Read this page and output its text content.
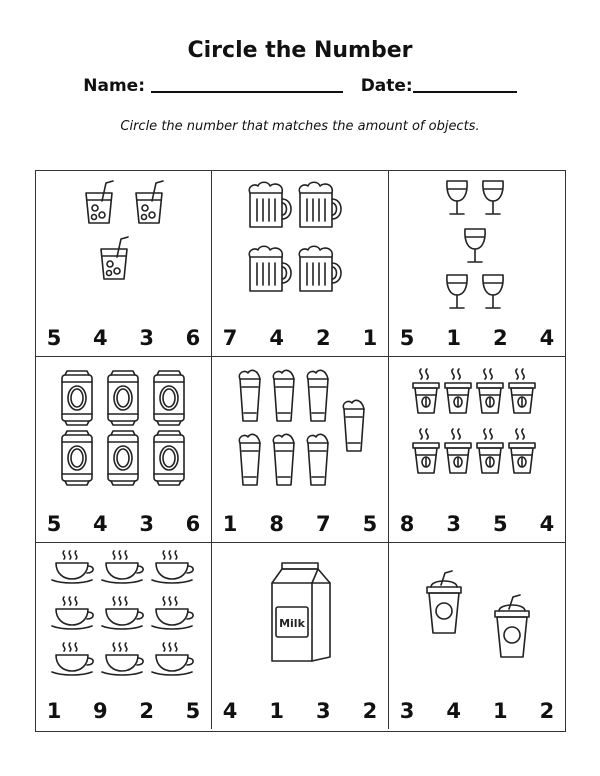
Circle the Number
Name:	Date:
Circle the number that matches the amount of objects.
5 4 3 6 7 4 2 1 5 1 2 4
5 4 3 6 1 8 7 5 8 3 5 4
1 9 2 5
Milk
4 1 3 2 3 4 1 2
